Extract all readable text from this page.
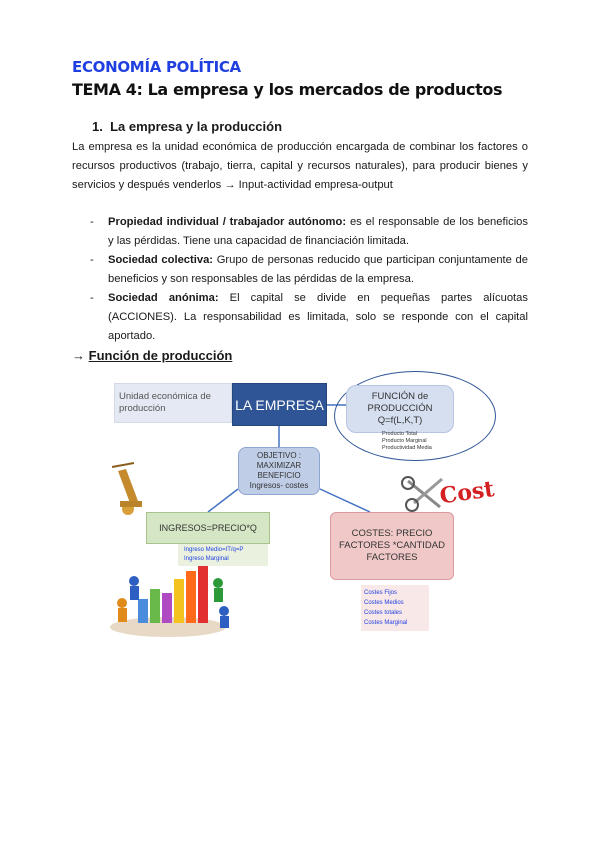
ECONOMÍA POLÍTICA
TEMA 4: La empresa y los mercados de productos
1. La empresa y la producción
La empresa es la unidad económica de producción encargada de combinar los factores o recursos productivos (trabajo, tierra, capital y recursos naturales), para producir bienes y servicios y después venderlos → Input-actividad empresa-output
- Propiedad individual / trabajador autónomo: es el responsable de los beneficios y las pérdidas. Tiene una capacidad de financiación limitada.
- Sociedad colectiva: Grupo de personas reducido que participan conjuntamente de beneficios y son responsables de las pérdidas de la empresa.
- Sociedad anónima: El capital se divide en pequeñas partes alícuotas (ACCIONES). La responsabilidad es limitada, solo se responde con el capital aportado.
→ Función de producción
Cost
Unidad económica de producción	LA EMPRESA	FUNCIÓN de
PRODUCCIÓN
Q=f(L,K,T)
Producto Total
Producto Marginal
Productividad Media
OBJETIVO :
MAXIMIZAR
BENEFICIO
Ingresos- costes
INGRESOS=PRECIO*Q
Ingreso Medio=IT/q=P
Ingreso Marginal
COSTES: PRECIO
FACTORES *CANTIDAD
FACTORES
Costes Fijos
Costes Medios
Costes totales
Costes Marginal
